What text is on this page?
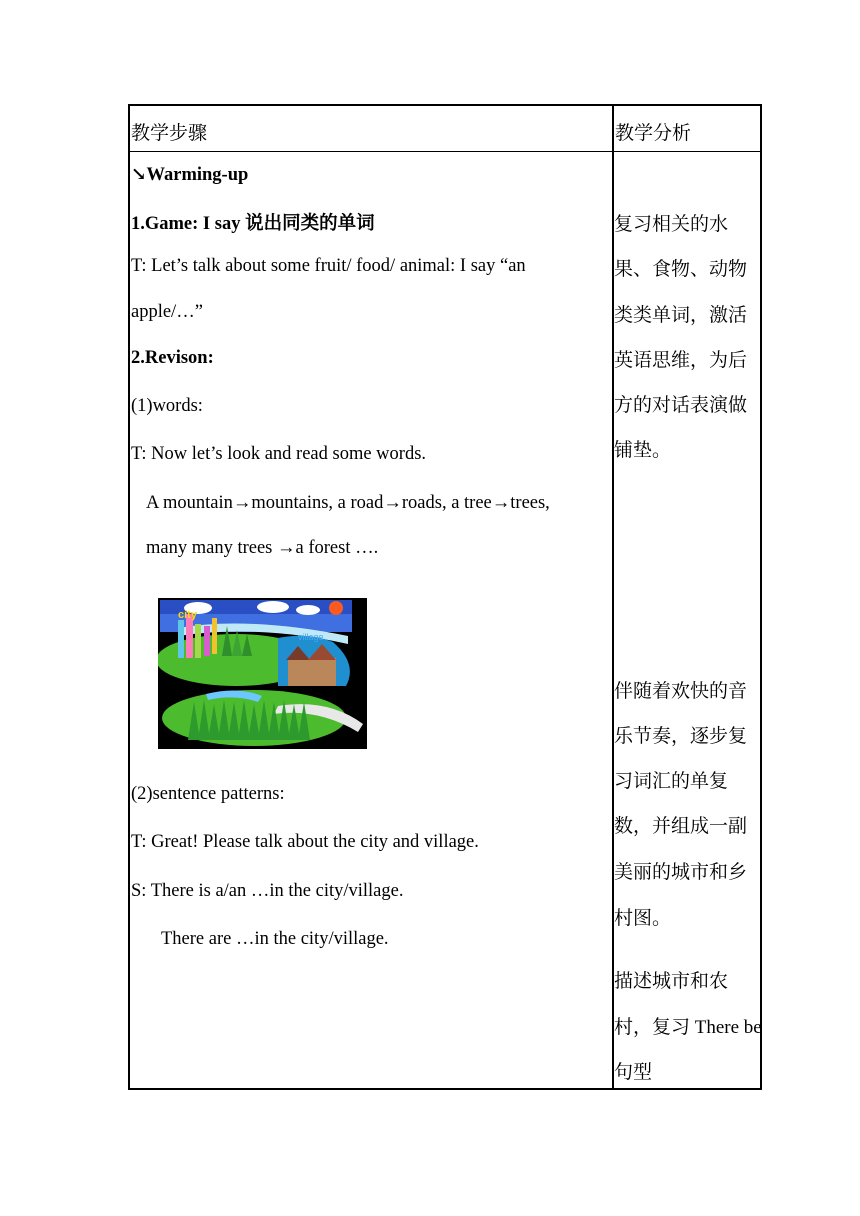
教学步骤	教学分析
↘Warming-up
1.Game: I say 说出同类的单词
T: Let’s talk about some fruit/ food/ animal: I say “an
apple/…”
2.Revison:
(1)words:
T: Now let’s look and read some words.
A mountain→mountains, a road→roads, a tree→trees,
many many trees →a forest ….
city
village
(2)sentence patterns:
T: Great! Please talk about the city and village.
S: There is a/an …in the city/village.
There are …in the city/village.
复习相关的水
果、食物、动物
类类单词，激活
英语思维，为后
方的对话表演做
铺垫。
伴随着欢快的音
乐节奏，逐步复
习词汇的单复
数，并组成一副
美丽的城市和乡
村图。
描述城市和农
村，复习 There be
句型
